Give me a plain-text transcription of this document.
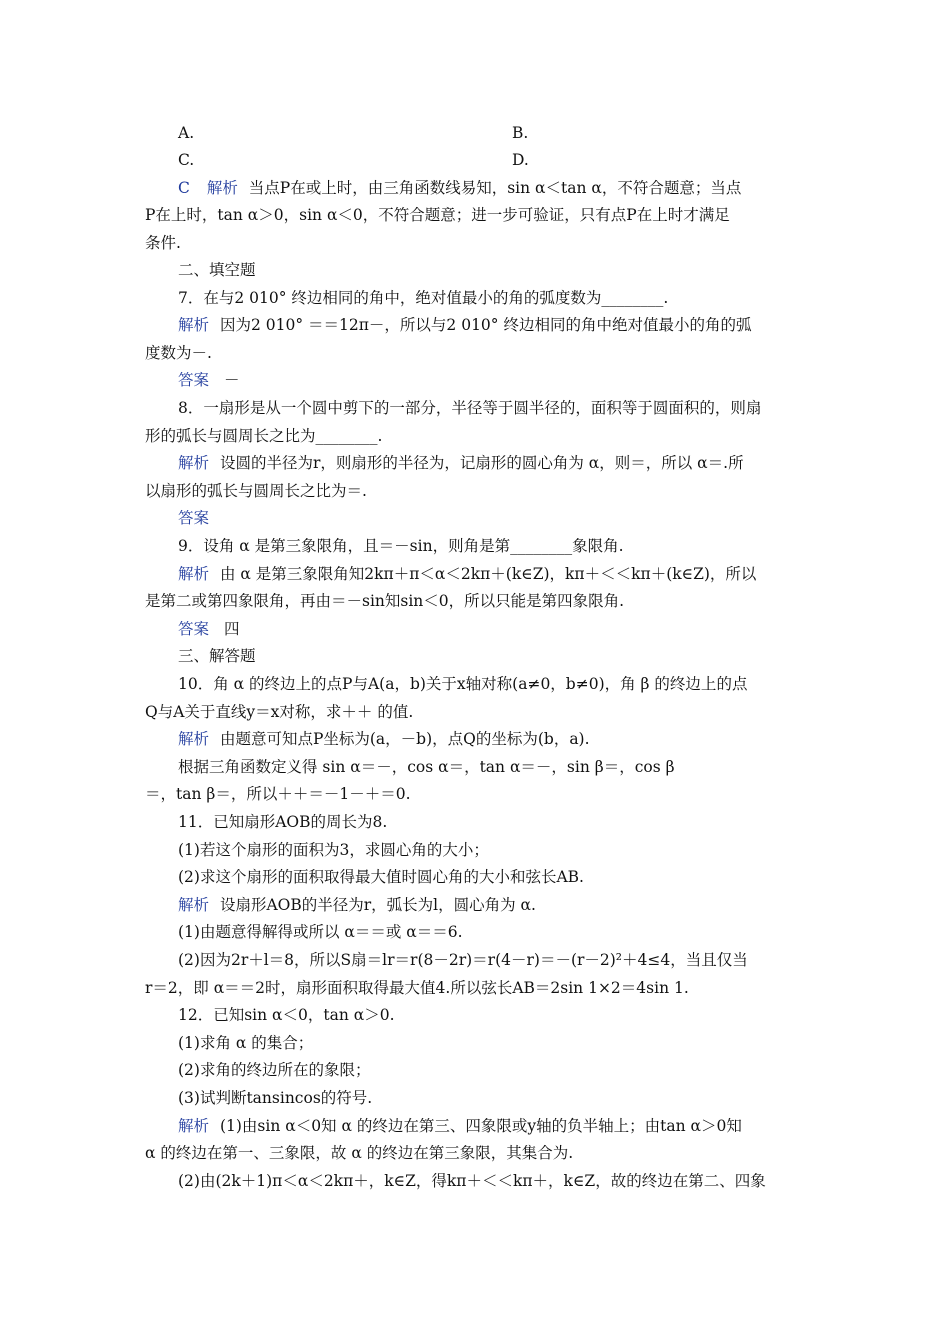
A.	B.
C.	D.
C 解析 当点P在或上时，由三角函数线易知，sin α＜tan α，不符合题意；当点
P在上时，tan α＞0，sin α＜0，不符合题意；进一步可验证，只有点P在上时才满足
条件.
二、填空题
7．在与2 010° 终边相同的角中，绝对值最小的角的弧度数为________.
解析 因为2 010° ＝＝12π－，所以与2 010° 终边相同的角中绝对值最小的角的弧
度数为－.
答案 －
8．一扇形是从一个圆中剪下的一部分，半径等于圆半径的，面积等于圆面积的，则扇
形的弧长与圆周长之比为________.
解析 设圆的半径为r，则扇形的半径为，记扇形的圆心角为 α，则＝，所以 α＝.所
以扇形的弧长与圆周长之比为＝.
答案
9．设角 α 是第三象限角，且＝－sin，则角是第________象限角.
解析 由 α 是第三象限角知2kπ＋π＜α＜2kπ＋(k∈Z)，kπ＋＜＜kπ＋(k∈Z)，所以
是第二或第四象限角，再由＝－sin知sin＜0，所以只能是第四象限角.
答案 四
三、解答题
10．角 α 的终边上的点P与A(a，b)关于x轴对称(a≠0，b≠0)，角 β 的终边上的点
Q与A关于直线y＝x对称，求＋＋ 的值.
解析 由题意可知点P坐标为(a，－b)，点Q的坐标为(b，a).
根据三角函数定义得 sin α＝－，cos α＝，tan α＝－，sin β＝，cos β
＝，tan β＝，所以＋＋＝－1－＋＝0.
11．已知扇形AOB的周长为8.
(1)若这个扇形的面积为3，求圆心角的大小；
(2)求这个扇形的面积取得最大值时圆心角的大小和弦长AB.
解析 设扇形AOB的半径为r，弧长为l，圆心角为 α.
(1)由题意得解得或所以 α＝＝或 α＝＝6.
(2)因为2r＋l＝8，所以S扇＝lr＝r(8－2r)＝r(4－r)＝－(r－2)²＋4≤4，当且仅当
r＝2，即 α＝＝2时，扇形面积取得最大值4.所以弦长AB＝2sin 1×2＝4sin 1.
12．已知sin α＜0，tan α＞0.
(1)求角 α 的集合；
(2)求角的终边所在的象限；
(3)试判断tansincos的符号.
解析 (1)由sin α＜0知 α 的终边在第三、四象限或y轴的负半轴上；由tan α＞0知
α 的终边在第一、三象限，故 α 的终边在第三象限，其集合为.
(2)由(2k＋1)π＜α＜2kπ＋，k∈Z，得kπ＋＜＜kπ＋，k∈Z，故的终边在第二、四象
